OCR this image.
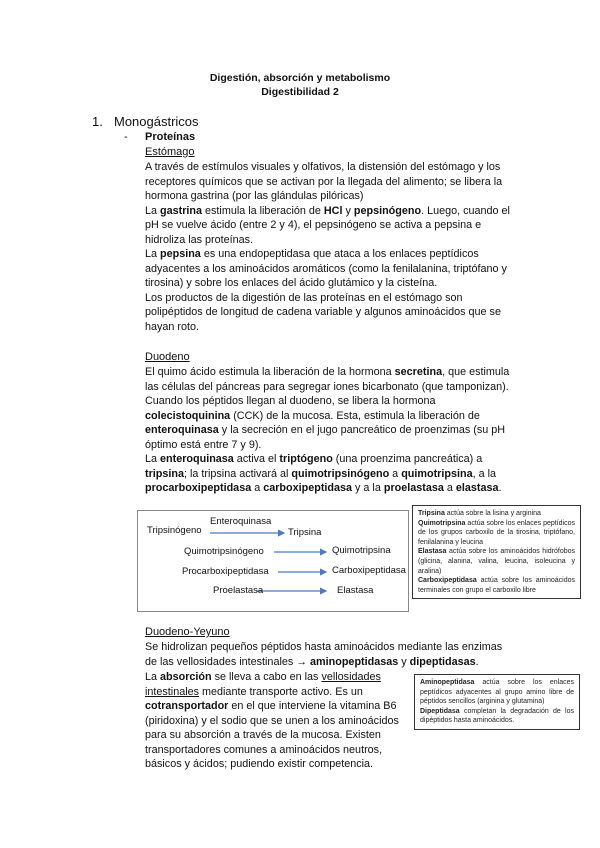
Digestión, absorción y metabolismo
Digestibilidad 2
1. Monogástricos
- Proteínas
Estómago

A través de estímulos visuales y olfativos, la distensión del estómago y los receptores químicos que se activan por la llegada del alimento; se libera la hormona gastrina (por las glándulas pilóricas)

La gastrina estimula la liberación de HCl y pepsinógeno. Luego, cuando el pH se vuelve ácido (entre 2 y 4), el pepsinógeno se activa a pepsina e hidroliza las proteínas.

La pepsina es una endopeptidasa que ataca a los enlaces peptídicos adyacentes a los aminoácidos aromáticos (como la fenilalanina, triptófano y tirosina) y sobre los enlaces del ácido glutámico y la cisteína.

Los productos de la digestión de las proteínas en el estómago son polipéptidos de longitud de cadena variable y algunos aminoácidos que se hayan roto.

Duodeno

El quimo ácido estimula la liberación de la hormona secretina, que estimula las células del páncreas para segregar iones bicarbonato (que tamponizan). Cuando los péptidos llegan al duodeno, se libera la hormona colecistoquinina (CCK) de la mucosa. Esta, estimula la liberación de enteroquinasa y la secreción en el jugo pancreático de proenzimas (su pH óptimo está entre 7 y 9).

La enteroquinasa activa el triptógeno (una proenzima pancreática) a tripsina; la tripsina activará al quimotripsinógeno a quimotripsina, a la procarboxipeptidasa a carboxipeptidasa y a la proelastasa a elastasa.

Enteroquinasa
Tripsinógeno	Tripsina
Quimotripsinógeno	Quimotripsina
Procarboxipeptidasa	Carboxipeptidasa
Proelastasa	Elastasa

Tripsina actúa sobre la lisina y arginina

Quimotripsina actúa sobre los enlaces peptídicos de los grupos carboxilo de la tirosina, triptófano, fenilalanina y leucina

Elastasa actúa sobre los aminoácidos hidrófobos (glicina, alanina, valina, leucina, isoleucina y aralina)

Carboxipeptidasa actúa sobre los aminoácidos terminales con grupo el carboxilo libre

Duodeno-Yeyuno

Se hidrolizan pequeños péptidos hasta aminoácidos mediante las enzimas de las vellosidades intestinales → aminopeptidasas y dipeptidasas.

La absorción se lleva a cabo en las vellosidades intestinales mediante transporte activo. Es un cotransportador en el que interviene la vitamina B6 (piridoxina) y el sodio que se unen a los aminoácidos para su absorción a través de la mucosa. Existen transportadores comunes a aminoácidos neutros, básicos y ácidos; pudiendo existir competencia.

Aminopeptidasa actúa sobre los enlaces peptídicos adyacentes al grupo amino libre de péptidos sencillos (arginina y glutamina)

Dipeptidasa completan la degradación de los dipéptidos hasta aminoácidos.
